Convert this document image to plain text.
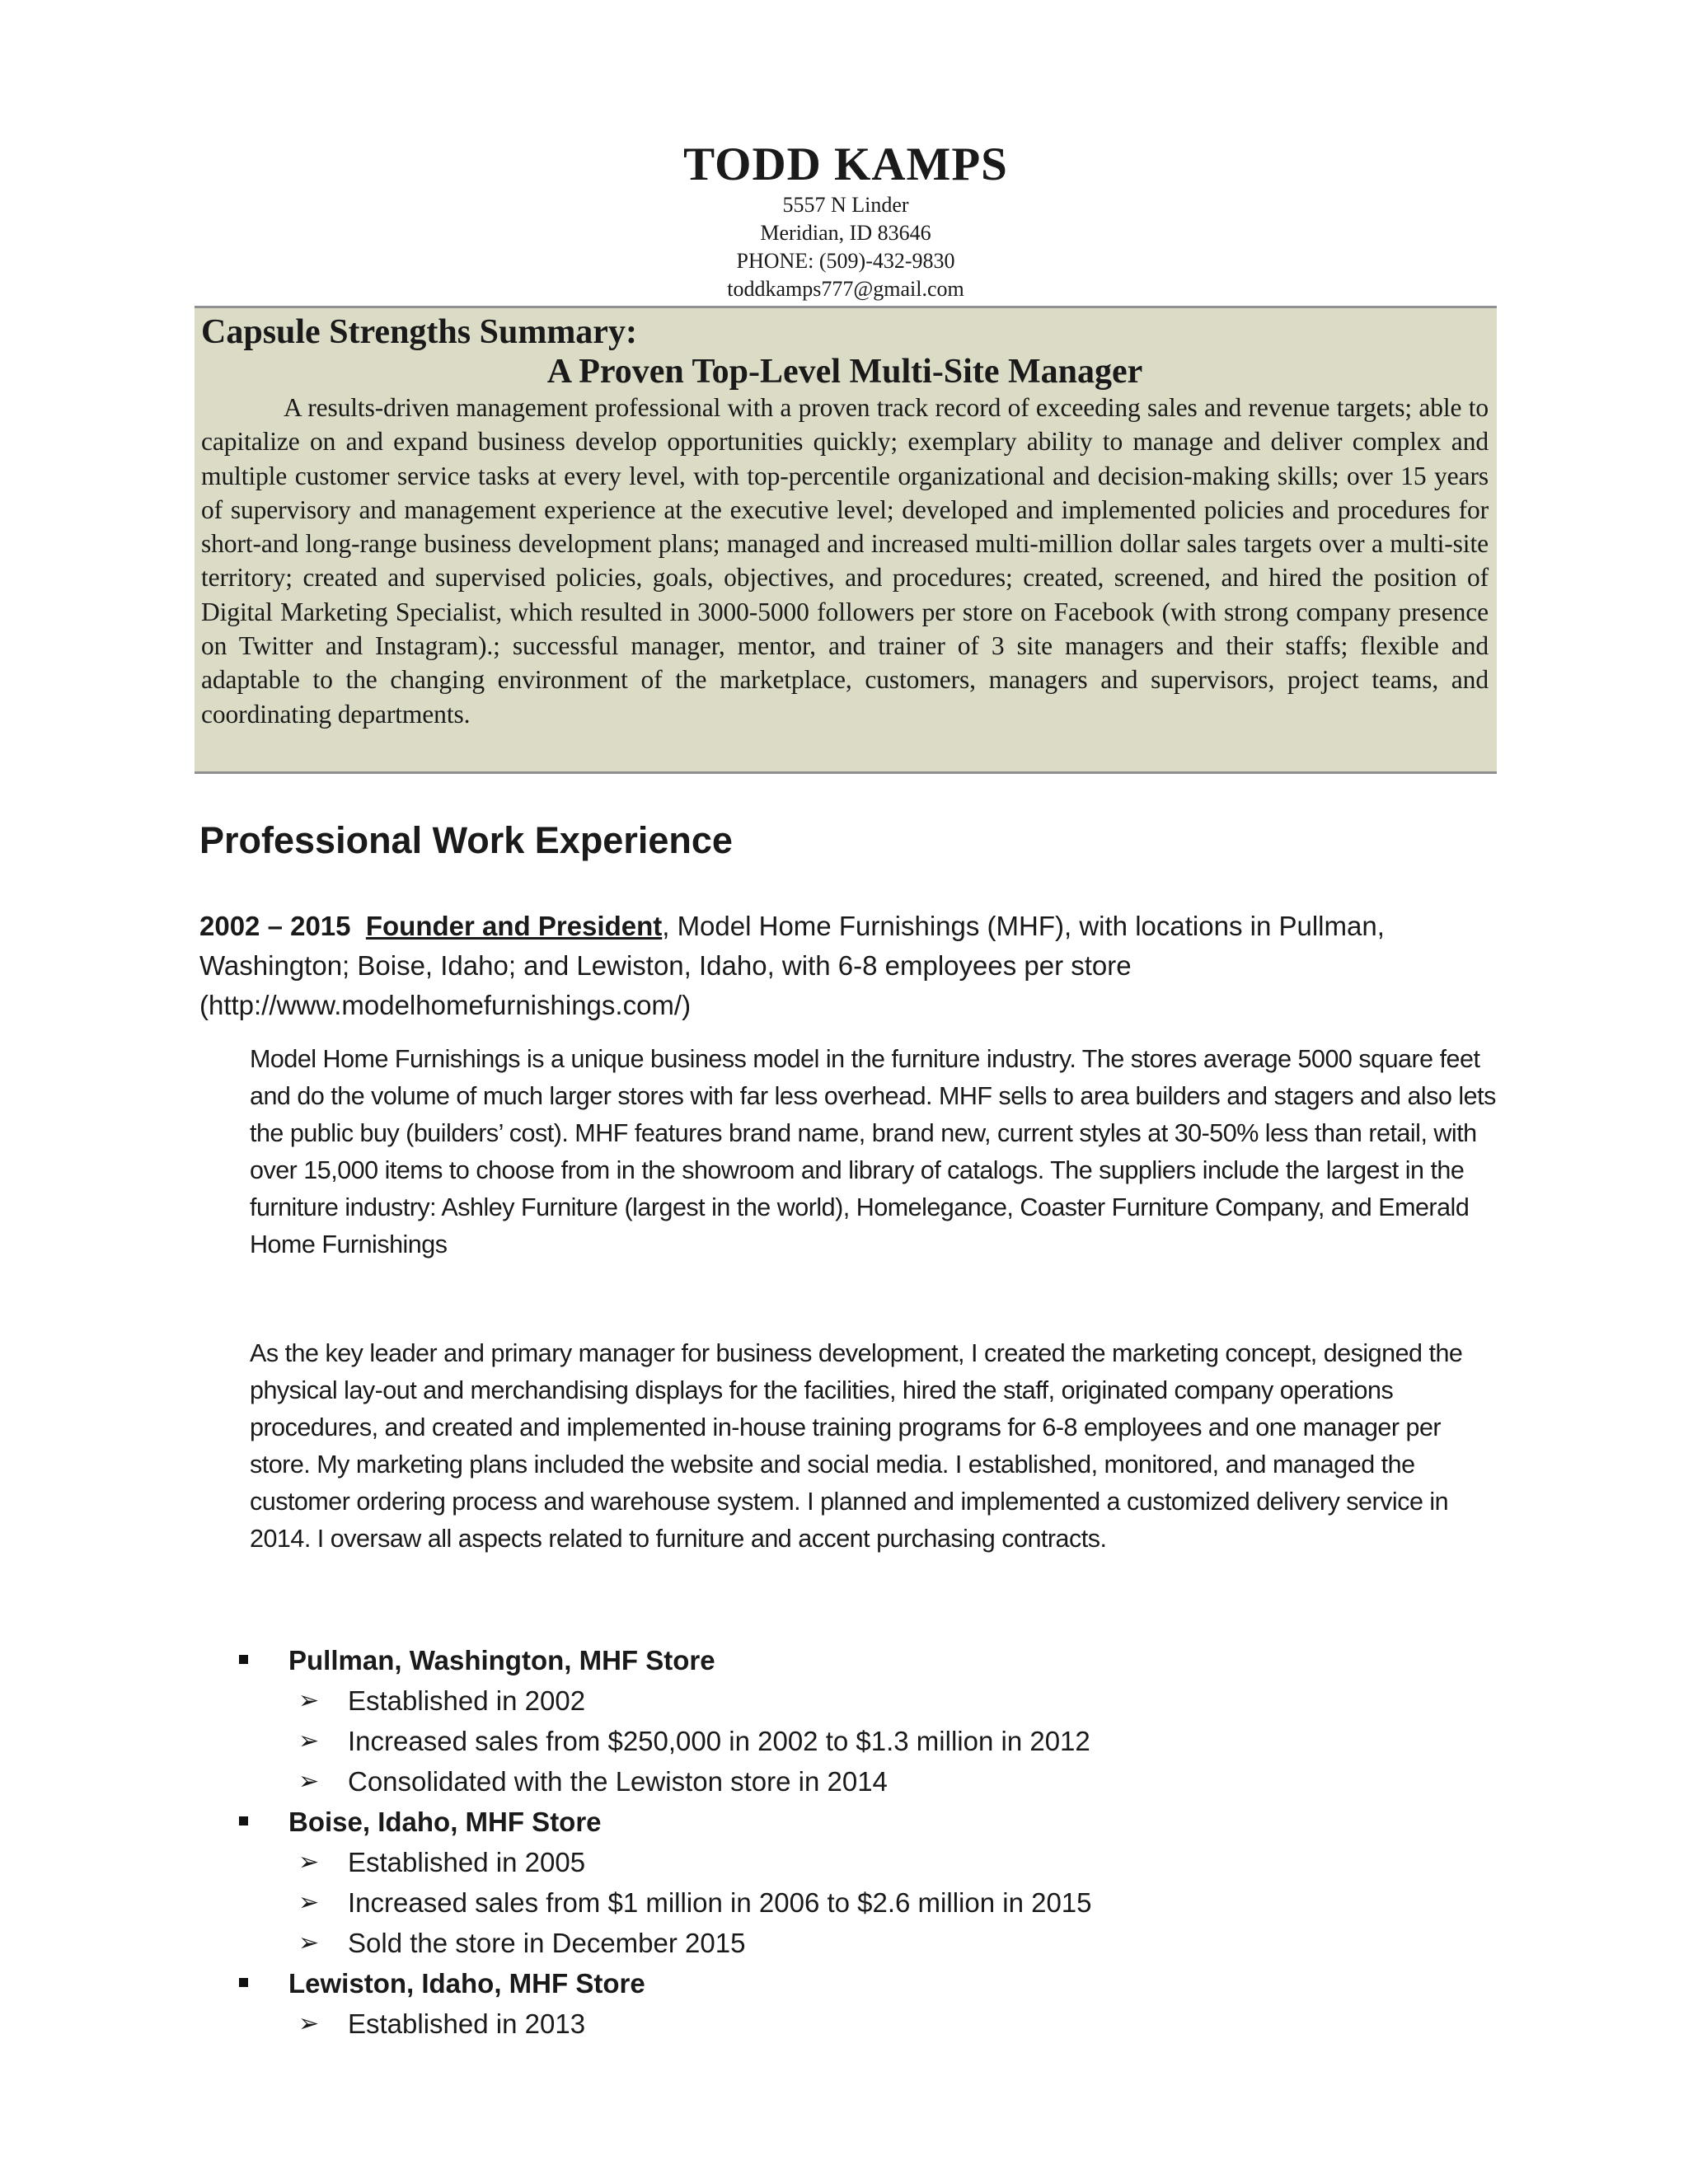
TODD KAMPS

5557 N Linder

Meridian, ID 83646

PHONE: (509)-432-9830

toddkamps777@gmail.com

Capsule Strengths Summary:

A Proven Top-Level Multi-Site Manager

A results-driven management professional with a proven track record of exceeding sales and revenue targets; able to capitalize on and expand business develop opportunities quickly; exemplary ability to manage and deliver complex and multiple customer service tasks at every level, with top-percentile organizational and decision-making skills; over 15 years of supervisory and management experience at the executive level; developed and implemented policies and procedures for short-and long-range business development plans; managed and increased multi-million dollar sales targets over a multi-site territory; created and supervised policies, goals, objectives, and procedures; created, screened, and hired the position of Digital Marketing Specialist, which resulted in 3000-5000 followers per store on Facebook (with strong company presence on Twitter and Instagram).; successful manager, mentor, and trainer of 3 site managers and their staffs; flexible and adaptable to the changing environment of the marketplace, customers, managers and supervisors, project teams, and coordinating departments.

Professional Work Experience

2002 – 2015 Founder and President, Model Home Furnishings (MHF), with locations in Pullman, Washington; Boise, Idaho; and Lewiston, Idaho, with 6-8 employees per store (http://www.modelhomefurnishings.com/)

Model Home Furnishings is a unique business model in the furniture industry. The stores average 5000 square feet and do the volume of much larger stores with far less overhead. MHF sells to area builders and stagers and also lets the public buy (builders’ cost). MHF features brand name, brand new, current styles at 30-50% less than retail, with over 15,000 items to choose from in the showroom and library of catalogs. The suppliers include the largest in the furniture industry: Ashley Furniture (largest in the world), Homelegance, Coaster Furniture Company, and Emerald Home Furnishings

As the key leader and primary manager for business development, I created the marketing concept, designed the physical lay-out and merchandising displays for the facilities, hired the staff, originated company operations procedures, and created and implemented in-house training programs for 6-8 employees and one manager per store. My marketing plans included the website and social media. I established, monitored, and managed the customer ordering process and warehouse system. I planned and implemented a customized delivery service in 2014. I oversaw all aspects related to furniture and accent purchasing contracts.

Pullman, Washington, MHF Store
➢ Established in 2002
➢ Increased sales from $250,000 in 2002 to $1.3 million in 2012
➢ Consolidated with the Lewiston store in 2014
Boise, Idaho, MHF Store
➢ Established in 2005
➢ Increased sales from $1 million in 2006 to $2.6 million in 2015
➢ Sold the store in December 2015
Lewiston, Idaho, MHF Store
➢ Established in 2013
